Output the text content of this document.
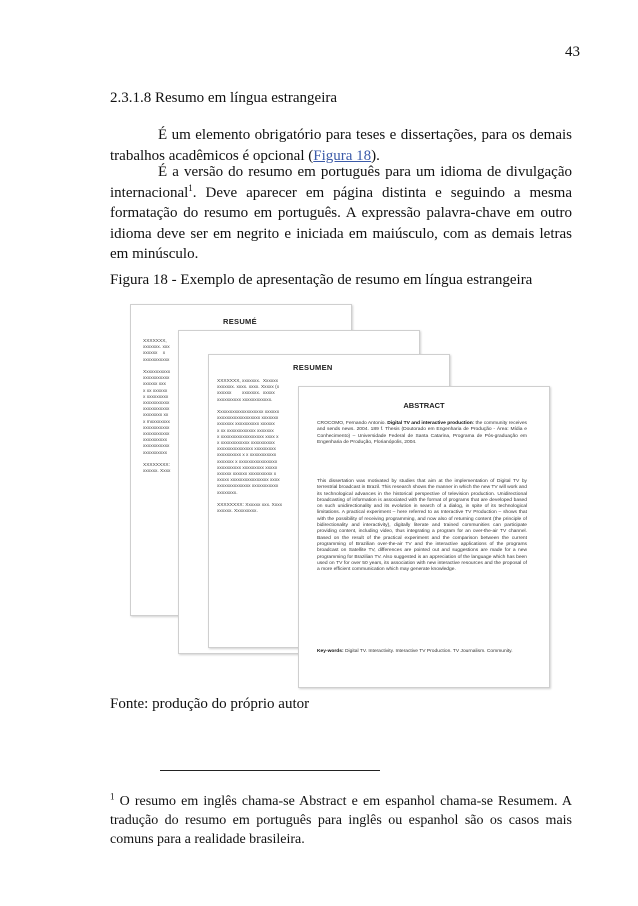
43
2.3.1.8 Resumo em língua estrangeira
É um elemento obrigatório para teses e dissertações, para os demais trabalhos acadêmicos é opcional (Figura 18).
É a versão do resumo em português para um idioma de divulgação internacional$^1$. Deve aparecer em página distinta e seguindo a mesma formatação do resumo em português. A expressão palavra-chave em outro idioma deve ser em negrito e iniciada em maiúsculo, com as demais letras em minúsculo.
Figura 18 - Exemplo de apresentação de resumo em língua estrangeira
RESUMÉ
XXXXXXX,
xxxxxxx. xxx
xxxxxx    x
xxxxxxxxxxx

Xxxxxxxxxxx
xxxxxxxxxxx
xxxxxx xxx
x xx xxxxxx
x xxxxxxxxx
xxxxxxxxxxx
xxxxxxxxxxx
xxxxxxxx xx
x mxxxxxxxx
xxxxxxxxxxx
xxxxxxxxxxx
xxxxxxxxxx
xxxxxxxxxxx
xxxxxxxxxx

XXXXXXXX:
xxxxxx. Xxxx
RESUMEN
XXXXXXX, xxxxxxx.  Xxxxxx
xxxxxxx. xxxx. xxxx. Xxxxx (x
xxxxxx        xxxxxxx.  xxxxx
xxxxxxxxxx xxxxxxxxxxxx.

Xxxxxxxxxxxxxxxxxxx xxxxxx
xxxxxxxxxxxxxxxxxx xxxxxxx
xxxxxxx xxxxxxxxxx xxxxxx
x xx xxxxxxxxxxxx xxxxxxx
x xxxxxxxxxxxxxxxxxx xxxx x
x xxxxxxxxxxxx xxxxxxxxxx
xxxxxxxxxxxxxxx xxxxxxxxx
xxxxxxxxxx x x xxxxxxxxxxx
xxxxxxx x xxxxxxxxxxxxxxxx
xxxxxxxxxx xxxxxxxxx xxxxx
xxxxxx xxxxxx xxxxxxxxxx x
xxxxx xxxxxxxxxxxxxxxx xxxx
xxxxxxxxxxxxxx xxxxxxxxxxx
xxxxxxxx.

XXXXXXXX: Xxxxxx xxx. Xxxx
xxxxxx. Xxxxxxxxx.
ABSTRACT
CROCOMO, Fernando Antonio. Digital TV and interactive production: the community receives and sends news. 2004. 189 f. Thesis (Doutorado em Engenharia de Produção - Área: Mídia e Conhecimento) – Universidade Federal de Santa Catarina, Programa de Pós-graduação em Engenharia de Produção, Florianópolis, 2004.
This dissertation was motivated by studies that aim at the implementation of Digital TV by terrestrial broadcast in Brazil. This research shows the manner in which the new TV will work and its technological advances in the historical perspective of television production. Unidirectional broadcasting of information is associated with the format of programs that are developed based on such unidirectionality and its evolution in search of a dialog, in spite of its technological limitations. A practical experiment – here referred to as Interactive TV Production – shows that with the possibility of receiving programming, and now also of returning content (the principle of bidirectionality and interactivity), digitally literate and trained communities can participate providing content, including video, thus integrating a program for an over-the-air TV channel. Based on the result of the practical experiment and the comparison between the current programming of Brazilian over-the-air TV and the interactive applications of the programs broadcast on Satellite TV, differences are pointed out and suggestions are made for a new programming for Brazilian TV. Also suggested is an appreciation of the language which has been used on TV for over 50 years, its association with new interactive resources and the proposal of a more efficient communication which may generate knowledge.
Key-words: Digital TV. Interactivity. Interactive TV Production. TV Journalism. Community.
Fonte: produção do próprio autor
$^1$ O resumo em inglês chama-se Abstract e em espanhol chama-se Resumem. A tradução do resumo em português para inglês ou espanhol são os casos mais comuns para a realidade brasileira.
